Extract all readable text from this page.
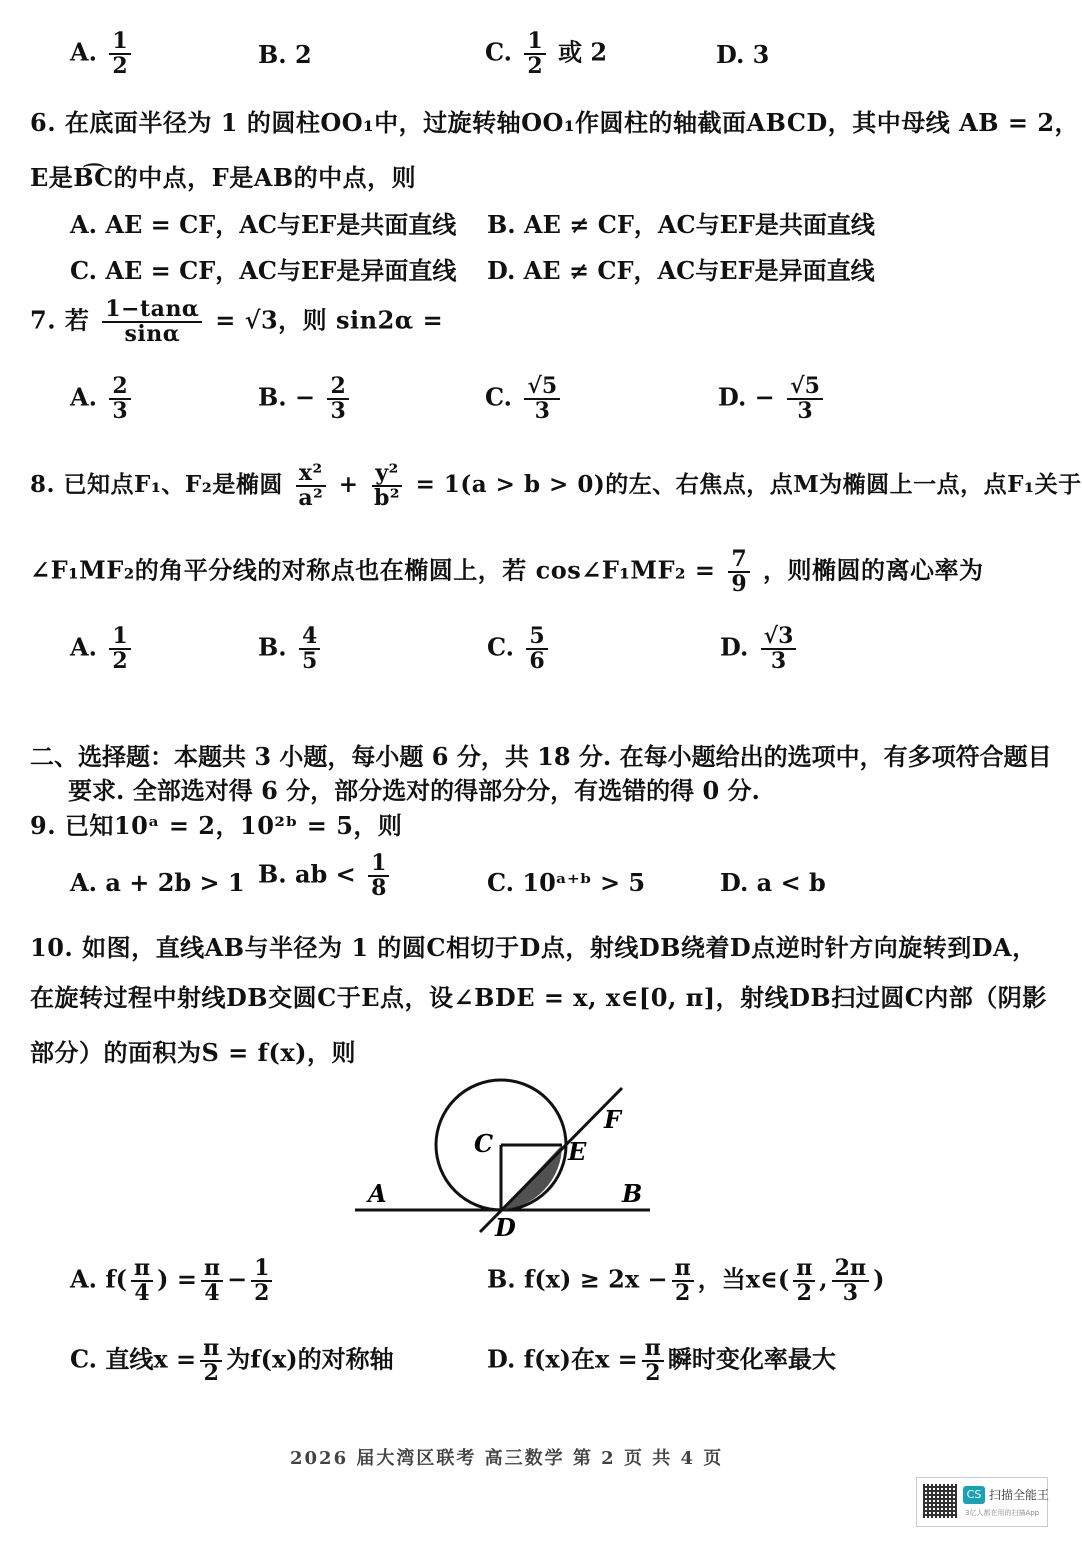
A. $\frac{1}{2}$	B. 2	C. $\frac{1}{2}$ 或 2	D. 3
6. 在底面半径为 1 的圆柱OO₁中，过旋转轴OO₁作圆柱的轴截面ABCD，其中母线 AB = 2，
E是B͡C的中点，F是AB的中点，则
A. AE = CF，AC与EF是共面直线 B. AE ≠ CF，AC与EF是共面直线
C. AE = CF，AC与EF是异面直线 D. AE ≠ CF，AC与EF是异面直线
7. 若 $\frac{1-\tan\alpha}{\sin\alpha} = √3$，则 sin2α =
A. $\frac{2}{3}$	B. − $\frac{2}{3}$	C. $\frac{√5}{3}$	D. − $\frac{√5}{3}$
8. 已知点F₁、F₂是椭圆 $\frac{\text{x²}}{\text{a²}} + \frac{\text{y²}}{\text{b²}} = 1(a > b > 0)$的左、右焦点，点M为椭圆上一点，点F₁关于
∠F₁MF₂的角平分线的对称点也在椭圆上，若 cos∠F₁MF₂ = $\frac{7}{9}$ ，则椭圆的离心率为
A. $\frac{1}{2}$	B. $\frac{4}{5}$	C. $\frac{5}{6}$	D. $\frac{√3}{3}$
二、选择题：本题共 3 小题，每小题 6 分，共 18 分. 在每小题给出的选项中，有多项符合题目
要求. 全部选对得 6 分，部分选对的得部分分，有选错的得 0 分.
9. 已知10ᵃ = 2，10²ᵇ = 5，则
A. a + 2b > 1 B. ab < $\frac{1}{8}$	C. 10ᵃ⁺ᵇ > 5	D. a < b
10. 如图，直线AB与半径为 1 的圆C相切于D点，射线DB绕着D点逆时针方向旋转到DA，
在旋转过程中射线DB交圆C于E点，设∠BDE = x, x∈[0, π]，射线DB扫过圆C内部（阴影
部分）的面积为S = f(x)，则
A	B
C
D
E
F
A. $f( \frac{\pi}{4}$ ) = $\frac{\pi}{4} - \frac{1}{2}$	B. $f(x) \ge 2x - \frac{\pi}{2}$ ，当x∈( $\frac{\pi}{2}$ , $\frac{2\pi}{3}$ )
C. 直线$x = \frac{\pi}{2}$ 为f(x)的对称轴	D. f(x)在$x = \frac{\pi}{2}$ 瞬时变化率最大
2026 届大湾区联考 高三数学 第 2 页 共 4 页
CS 扫描全能王
3亿人都在用的扫描App
